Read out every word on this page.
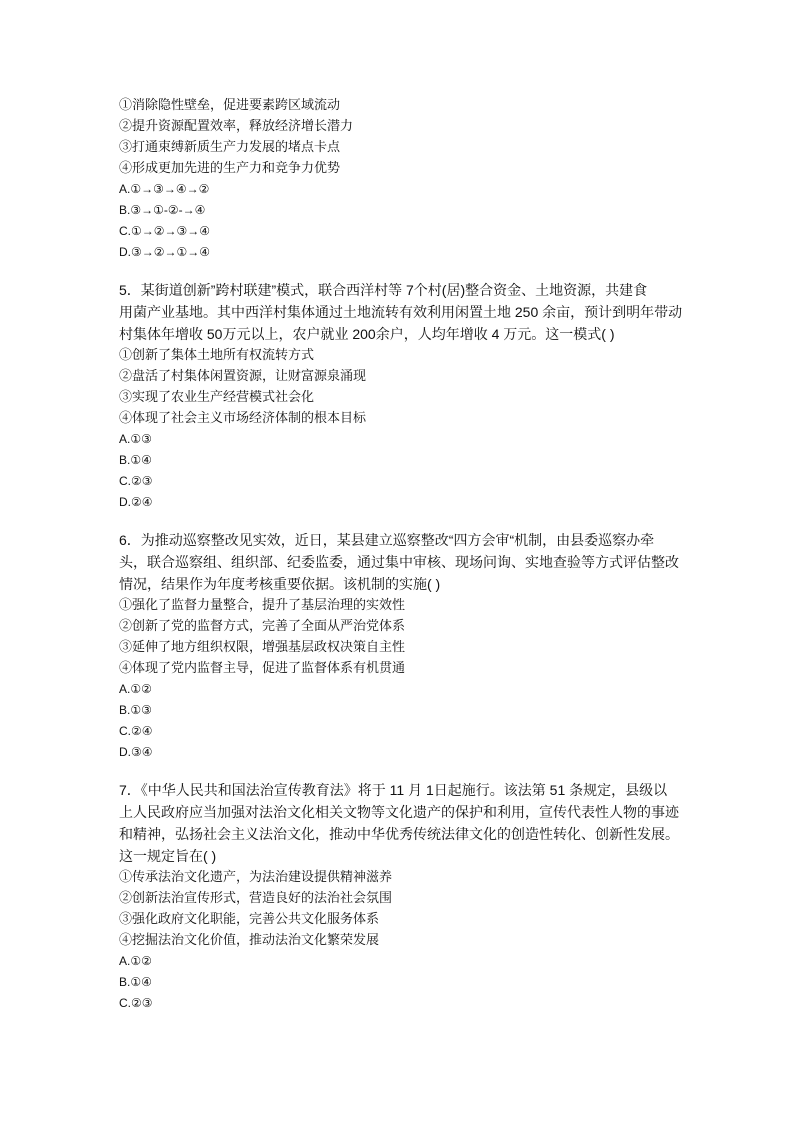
①消除隐性壁垒，促进要素跨区域流动
②提升资源配置效率，释放经济增长潜力
③打通束缚新质生产力发展的堵点卡点
④形成更加先进的生产力和竞争力优势
A.①→③→④→②
B.③→①-②-→④
C.①→②→③→④
D.③→②→①→④
5．某街道创新”跨村联建”模式，联合西洋村等 7个村(居)整合资金、土地资源，共建食
用菌产业基地。其中西洋村集体通过土地流转有效利用闲置土地 250 余亩，预计到明年带动
村集体年增收 50万元以上，农户就业 200余户，人均年增收 4 万元。这一模式( )
①创新了集体土地所有权流转方式
②盘活了村集体闲置资源，让财富源泉涌现
③实现了农业生产经营模式社会化
④体现了社会主义市场经济体制的根本目标
A.①③
B.①④
C.②③
D.②④
6．为推动巡察整改见实效，近日，某县建立巡察整改“四方会审“机制，由县委巡察办牵
头，联合巡察组、组织部、纪委监委，通过集中审核、现场问询、实地查验等方式评估整改
情况，结果作为年度考核重要依据。该机制的实施( )
①强化了监督力量整合，提升了基层治理的实效性
②创新了党的监督方式，完善了全面从严治党体系
③延伸了地方组织权限，增强基层政权决策自主性
④体现了党内监督主导，促进了监督体系有机贯通
A.①②
B.①③
C.②④
D.③④
7．《中华人民共和国法治宣传教育法》将于 11 月 1日起施行。该法第 51 条规定，县级以
上人民政府应当加强对法治文化相关文物等文化遗产的保护和利用，宣传代表性人物的事迹
和精神，弘扬社会主义法治文化，推动中华优秀传统法律文化的创造性转化、创新性发展。
这一规定旨在( )
①传承法治文化遗产，为法治建设提供精神滋养
②创新法治宣传形式，营造良好的法治社会氛围
③强化政府文化职能，完善公共文化服务体系
④挖掘法治文化价值，推动法治文化繁荣发展
A.①②
B.①④
C.②③
